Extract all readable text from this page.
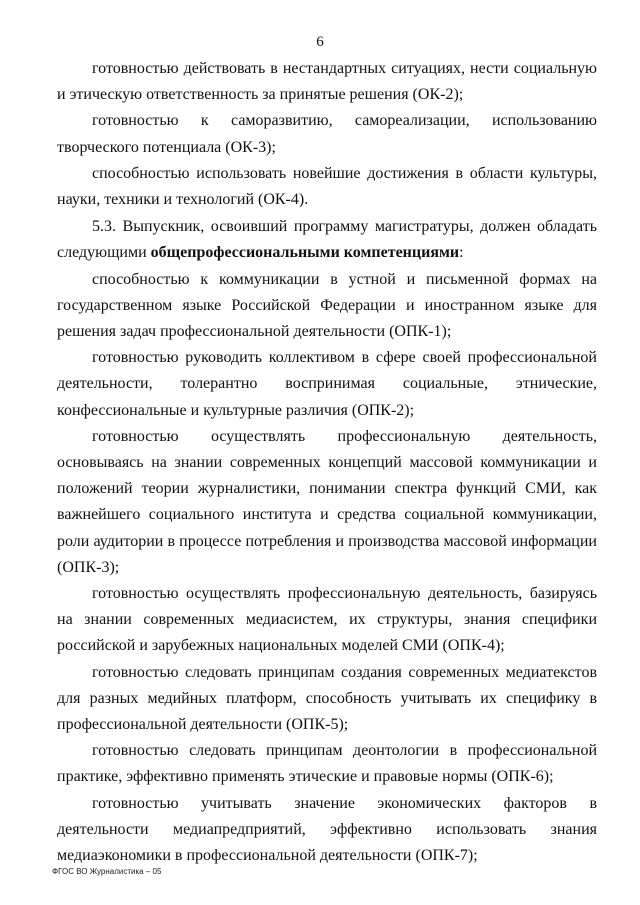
6

готовностью действовать в нестандартных ситуациях, нести социальную и этическую ответственность за принятые решения (ОК-2);

готовностью к саморазвитию, самореализации, использованию творческого потенциала (ОК-3);

способностью использовать новейшие достижения в области культуры, науки, техники и технологий (ОК-4).

5.3. Выпускник, освоивший программу магистратуры, должен обладать следующими общепрофессиональными компетенциями:

способностью к коммуникации в устной и письменной формах на государственном языке Российской Федерации и иностранном языке для решения задач профессиональной деятельности (ОПК-1);

готовностью руководить коллективом в сфере своей профессиональной деятельности, толерантно воспринимая социальные, этнические, конфессиональные и культурные различия (ОПК-2);

готовностью осуществлять профессиональную деятельность, основываясь на знании современных концепций массовой коммуникации и положений теории журналистики, понимании спектра функций СМИ, как важнейшего социального института и средства социальной коммуникации, роли аудитории в процессе потребления и производства массовой информации (ОПК-3);

готовностью осуществлять профессиональную деятельность, базируясь на знании современных медиасистем, их структуры, знания специфики российской и зарубежных национальных моделей СМИ (ОПК-4);

готовностью следовать принципам создания современных медиатекстов для разных медийных платформ, способность учитывать их специфику в профессиональной деятельности (ОПК-5);

готовностью следовать принципам деонтологии в профессиональной практике, эффективно применять этические и правовые нормы (ОПК-6);

готовностью учитывать значение экономических факторов в деятельности медиапредприятий, эффективно использовать знания медиаэкономики в профессиональной деятельности (ОПК-7);

ФГОС ВО Журналистика – 05
